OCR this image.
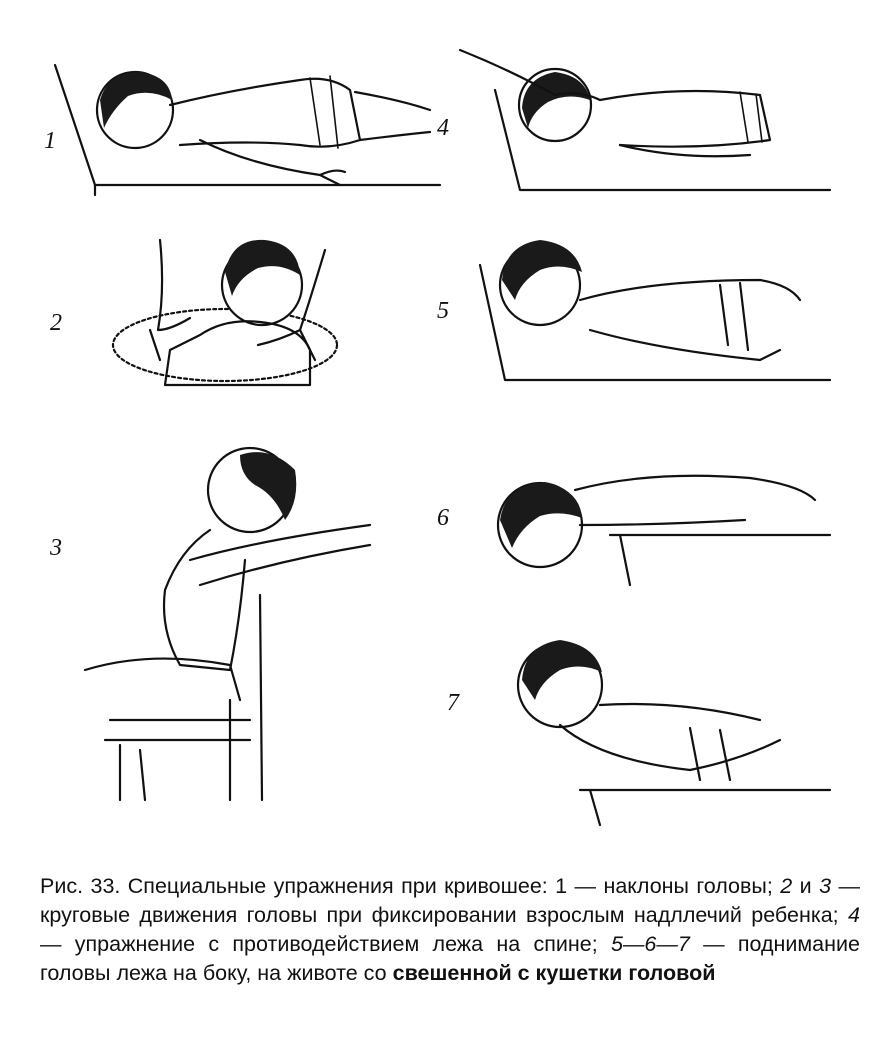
1
2
3
4
5
6
7
Рис. 33. Специальные упражнения при кривошее: 1 — наклоны головы; 2 и 3 — круговые движения головы при фиксировании взрослым надллечий ребенка; 4 — упражнение с противодействием лежа на спине; 5—6—7 — поднимание головы лежа на боку, на животе со свешенной с кушетки головой
